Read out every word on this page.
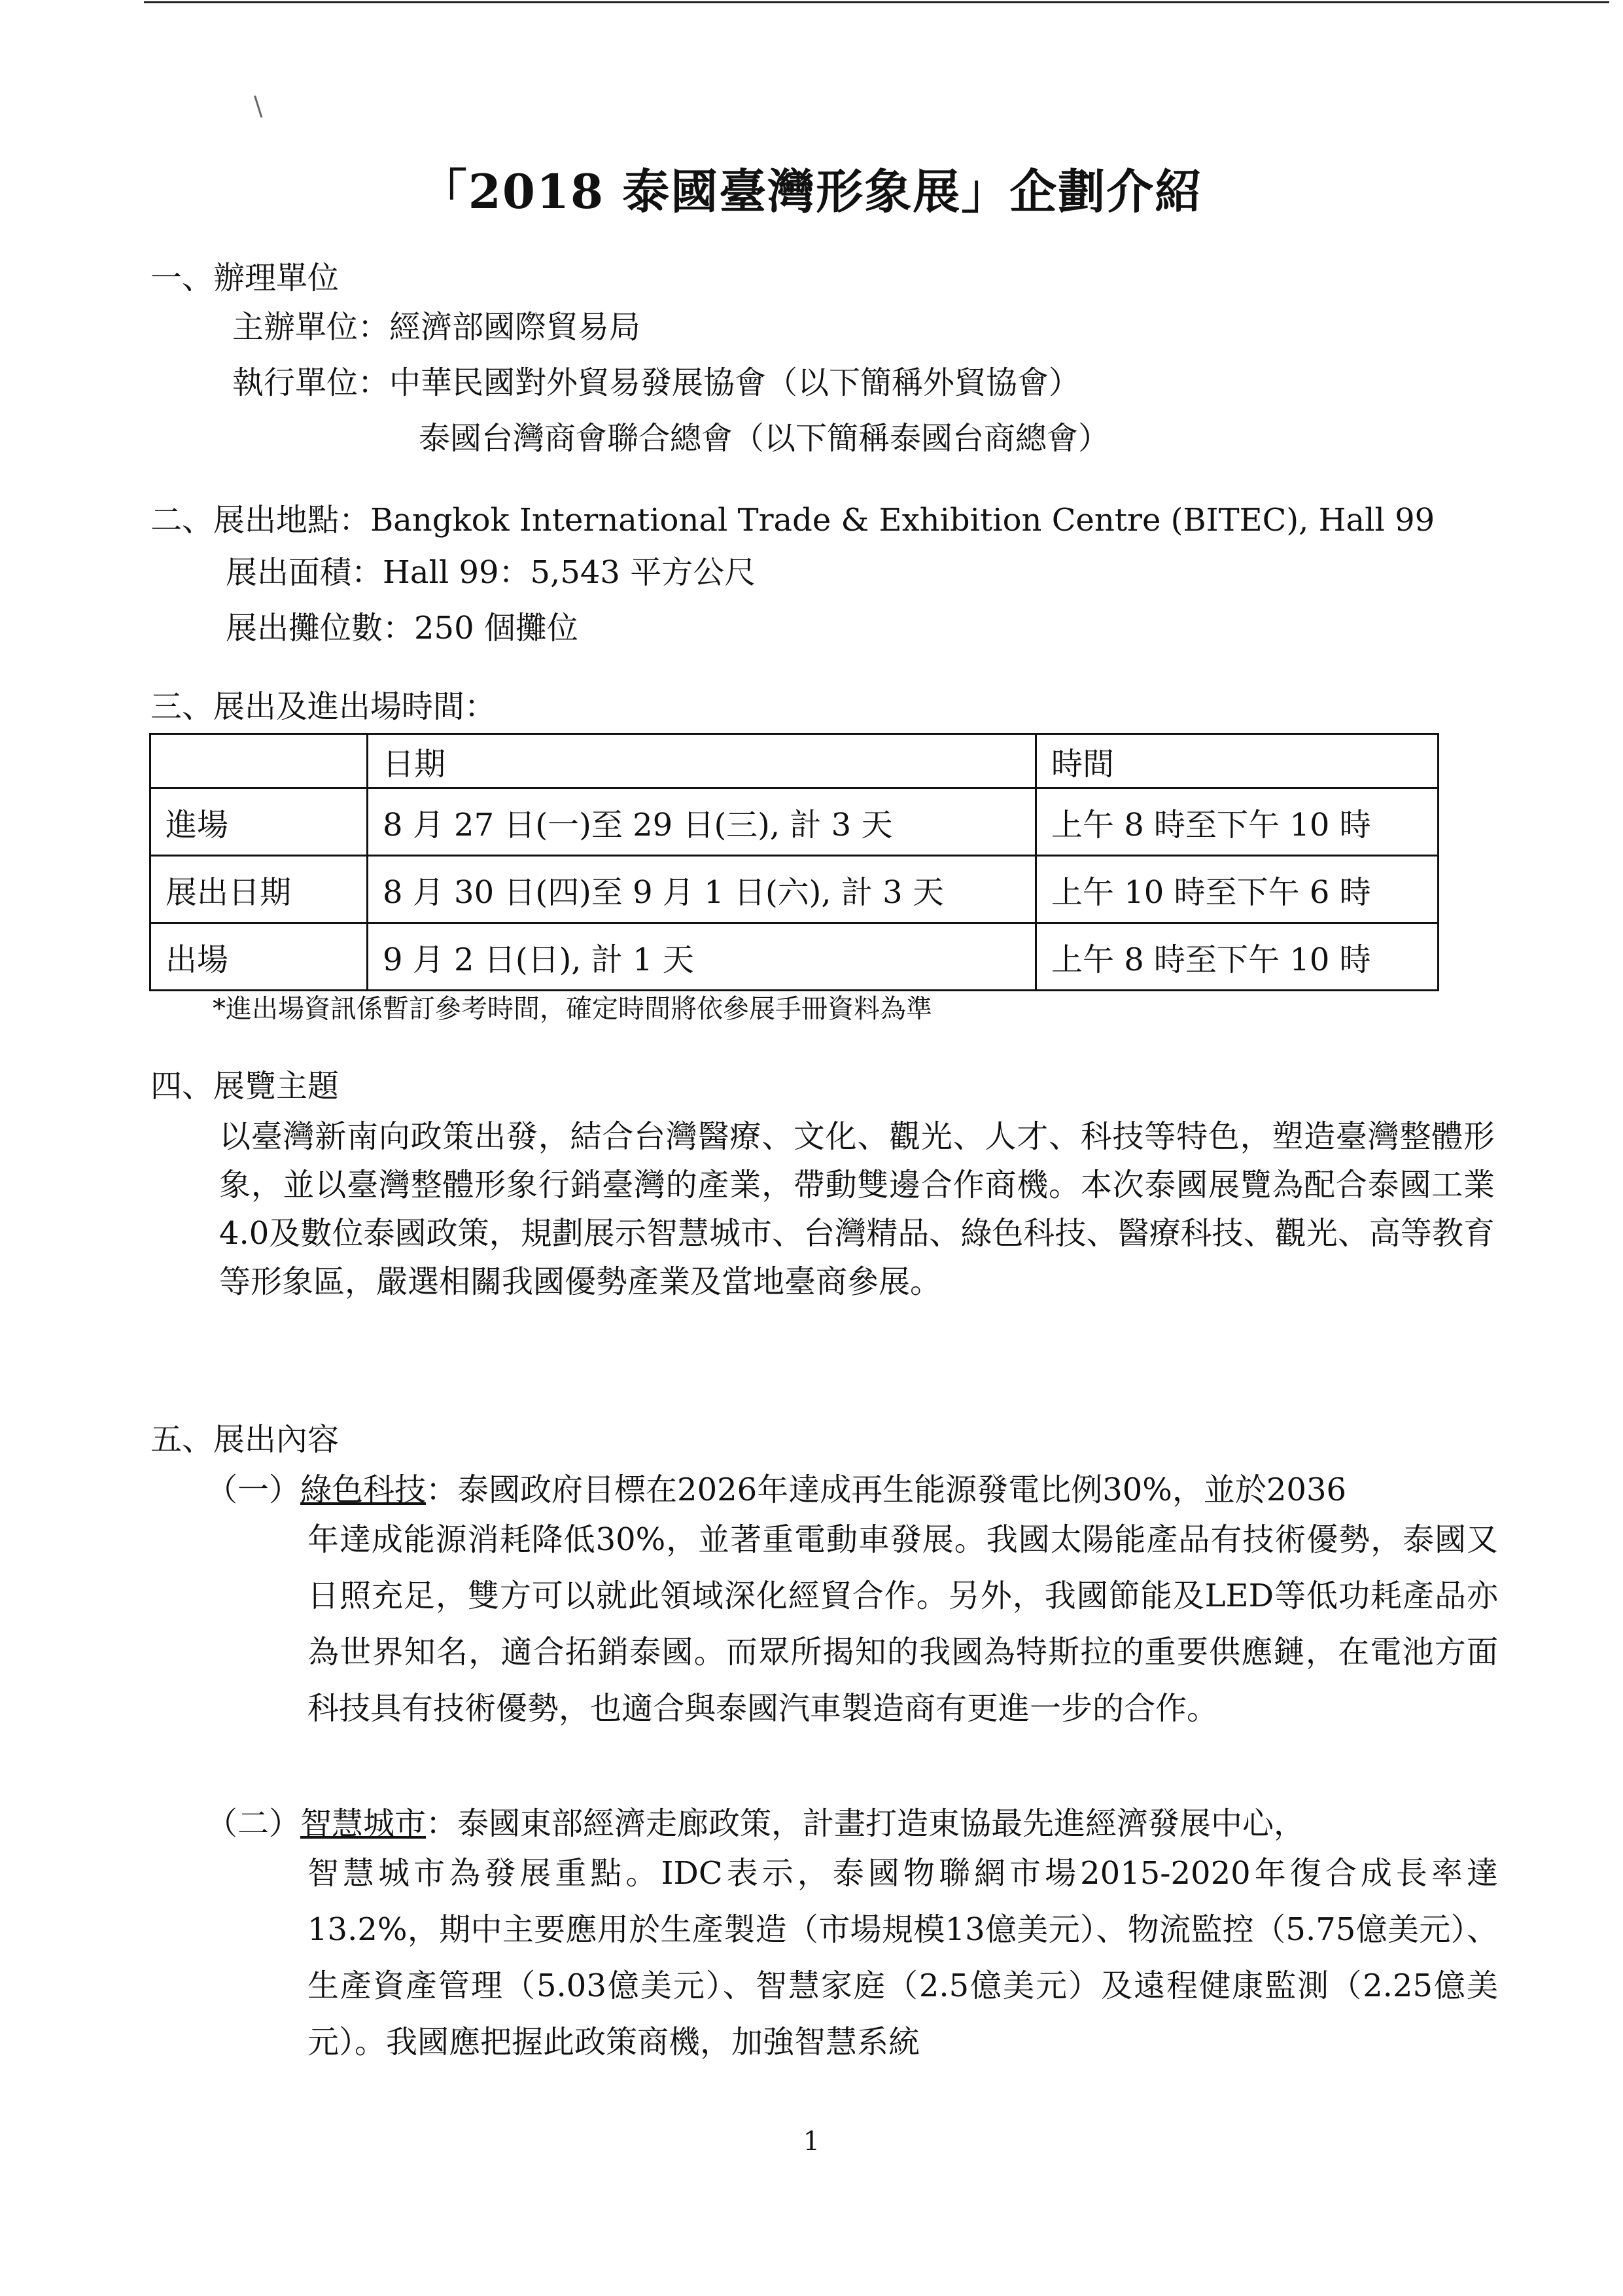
\
「2018 泰國臺灣形象展」企劃介紹
一、辦理單位
主辦單位：經濟部國際貿易局
執行單位：中華民國對外貿易發展協會（以下簡稱外貿協會）
泰國台灣商會聯合總會（以下簡稱泰國台商總會）
二、展出地點：Bangkok International Trade & Exhibition Centre (BITEC), Hall 99
展出面積：Hall 99：5,543 平方公尺
展出攤位數：250 個攤位
三、展出及進出場時間：
	日期	時間
進場	8 月 27 日(一)至 29 日(三), 計 3 天	上午 8 時至下午 10 時
展出日期	8 月 30 日(四)至 9 月 1 日(六), 計 3 天	上午 10 時至下午 6 時
出場	9 月 2 日(日), 計 1 天	上午 8 時至下午 10 時
*進出場資訊係暫訂參考時間，確定時間將依參展手冊資料為準
四、展覽主題
以臺灣新南向政策出發，結合台灣醫療、文化、觀光、人才、科技等特色，塑造臺灣整體形象，並以臺灣整體形象行銷臺灣的產業，帶動雙邊合作商機。本次泰國展覽為配合泰國工業4.0及數位泰國政策，規劃展示智慧城市、台灣精品、綠色科技、醫療科技、觀光、高等教育等形象區，嚴選相關我國優勢產業及當地臺商參展。
五、展出內容
（一）綠色科技：泰國政府目標在2026年達成再生能源發電比例30%，並於2036
年達成能源消耗降低30%，並著重電動車發展。我國太陽能產品有技術優勢，泰國又日照充足，雙方可以就此領域深化經貿合作。另外，我國節能及LED等低功耗產品亦為世界知名，適合拓銷泰國。而眾所揭知的我國為特斯拉的重要供應鏈，在電池方面科技具有技術優勢，也適合與泰國汽車製造商有更進一步的合作。
（二）智慧城市：泰國東部經濟走廊政策，計畫打造東協最先進經濟發展中心，
智慧城市為發展重點。IDC表示，泰國物聯網市場2015-2020年復合成長率達13.2%，期中主要應用於生產製造（市場規模13億美元）、物流監控（5.75億美元）、生產資產管理（5.03億美元）、智慧家庭（2.5億美元）及遠程健康監測（2.25億美元）。我國應把握此政策商機，加強智慧系統
1
